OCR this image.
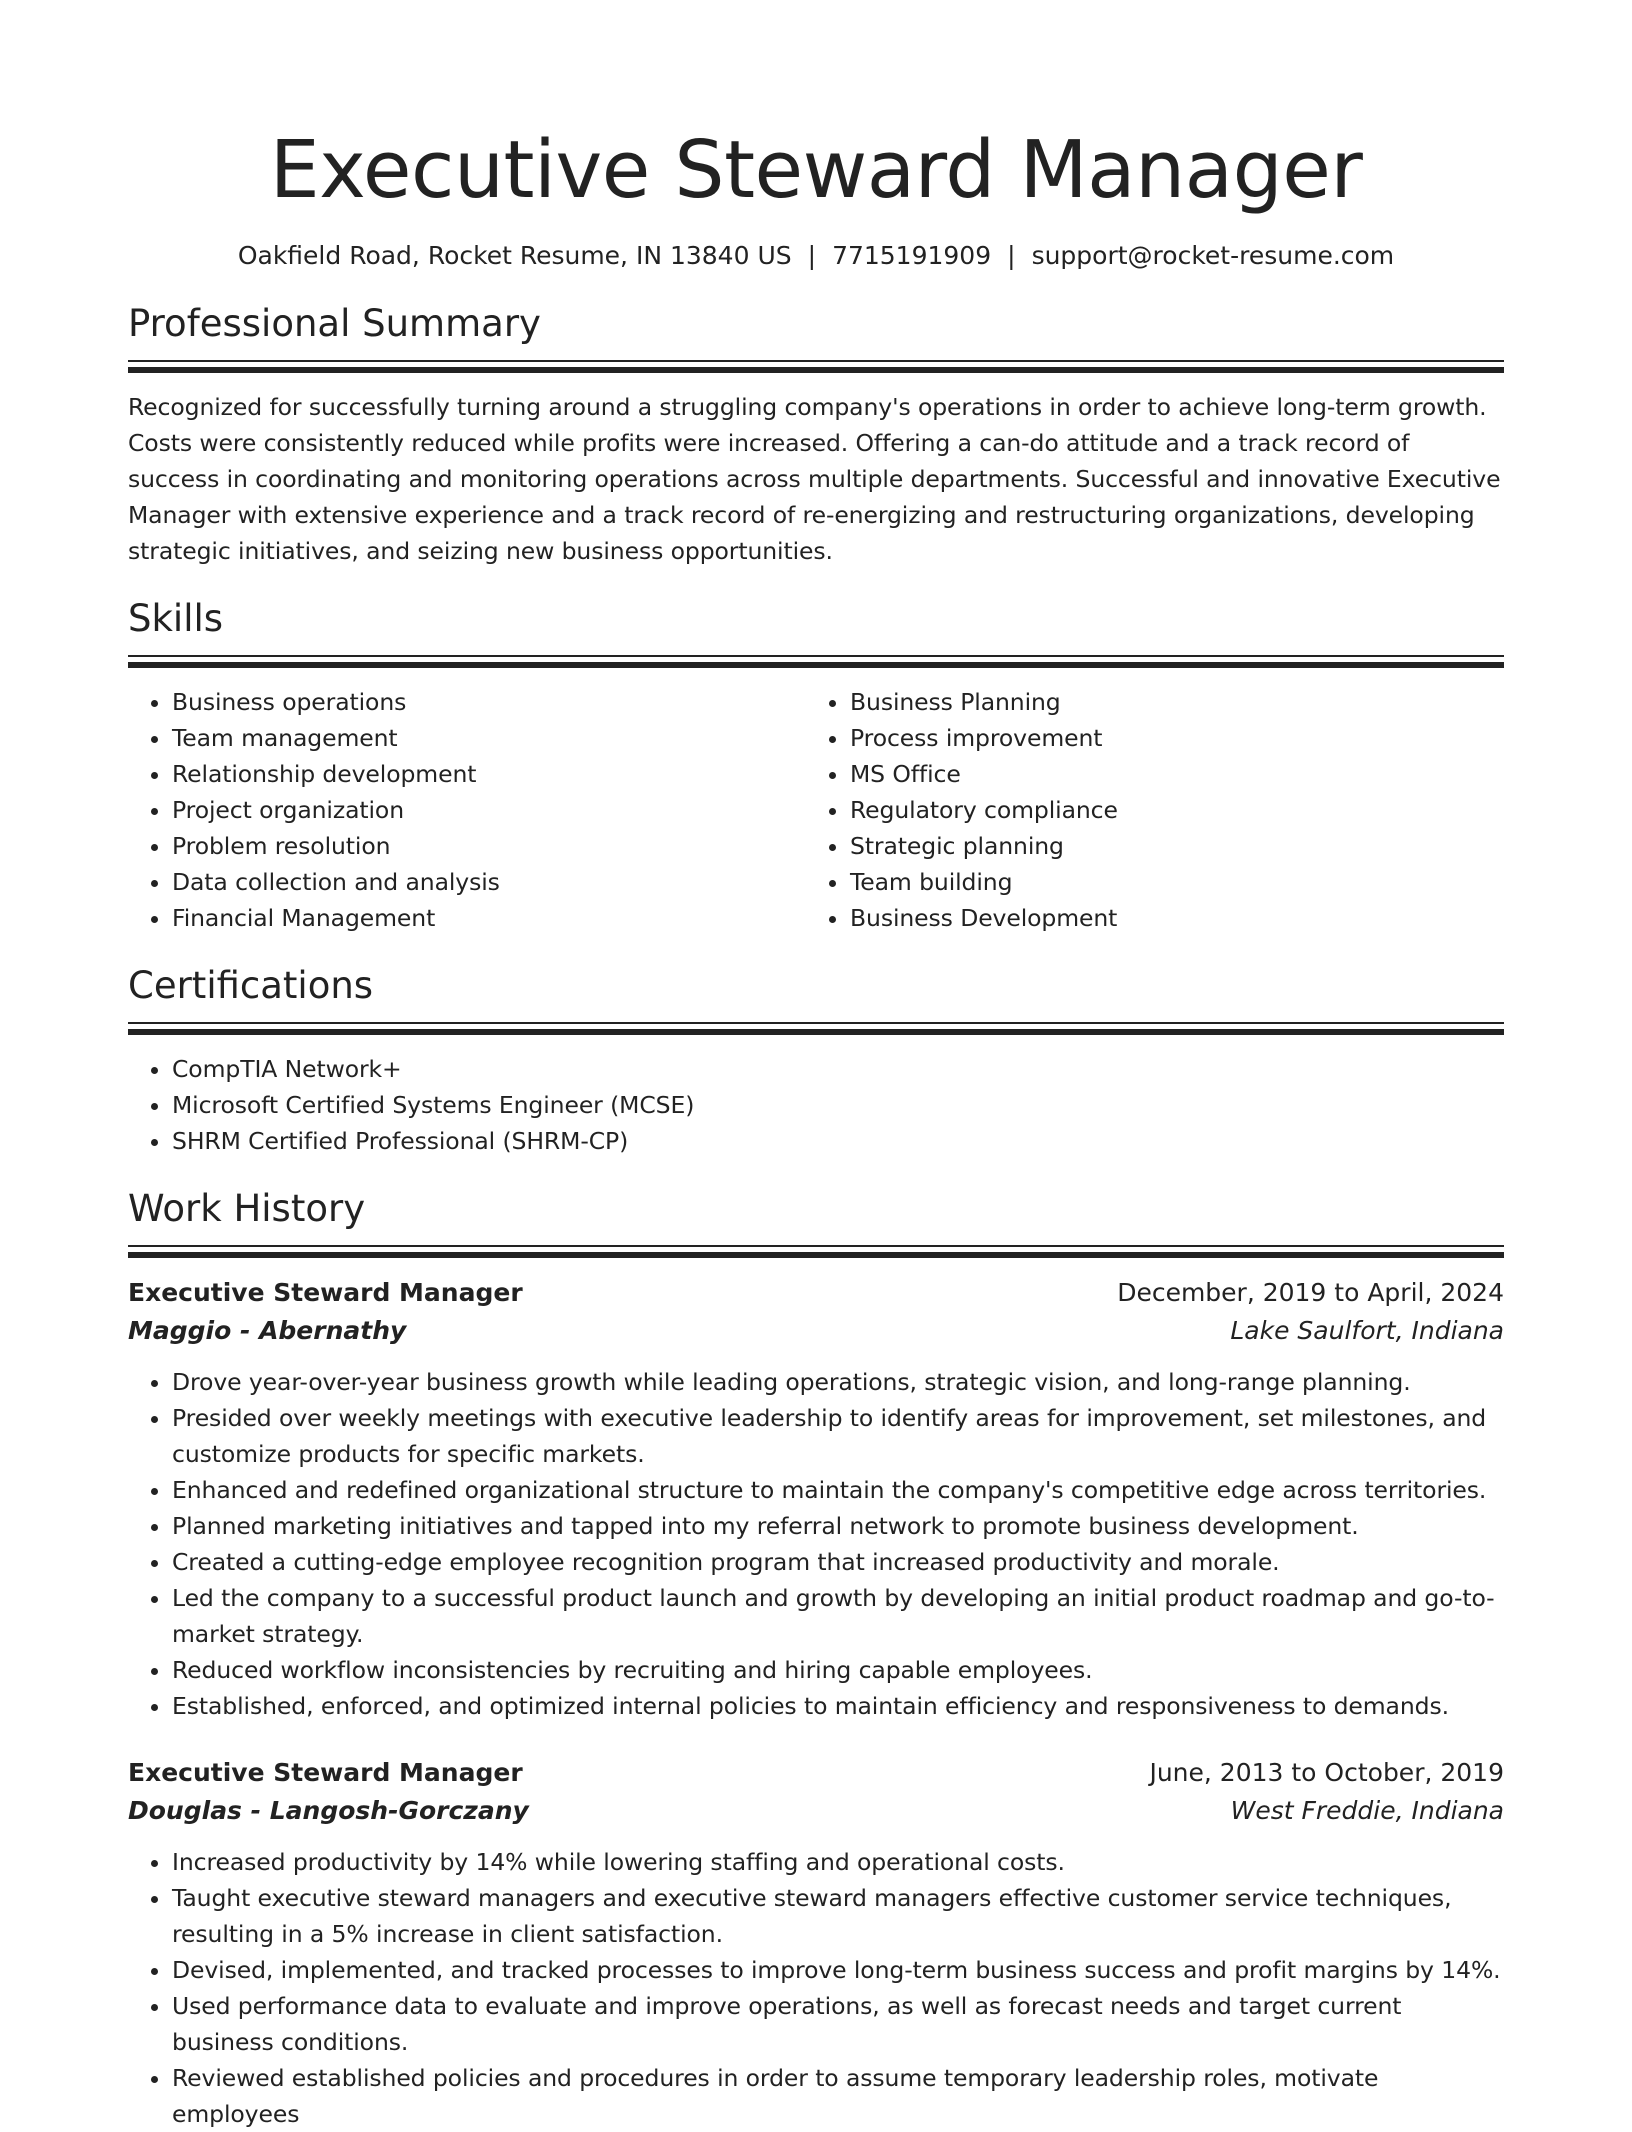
Executive Steward Manager
Oakfield Road, Rocket Resume, IN 13840 US | 7715191909 | support@rocket-resume.com
Professional Summary
Recognized for successfully turning around a struggling company's operations in order to achieve long-term growth. Costs were consistently reduced while profits were increased. Offering a can-do attitude and a track record of success in coordinating and monitoring operations across multiple departments. Successful and innovative Executive Manager with extensive experience and a track record of re-energizing and restructuring organizations, developing strategic initiatives, and seizing new business opportunities.
Skills
• Business operations
• Team management
• Relationship development
• Project organization
• Problem resolution
• Data collection and analysis
• Financial Management
• Business Planning
• Process improvement
• MS Office
• Regulatory compliance
• Strategic planning
• Team building
• Business Development
Certifications
• CompTIA Network+
• Microsoft Certified Systems Engineer (MCSE)
• SHRM Certified Professional (SHRM-CP)
Work History
Executive Steward Manager	December, 2019 to April, 2024
Maggio - Abernathy	Lake Saulfort, Indiana
• Drove year-over-year business growth while leading operations, strategic vision, and long-range planning.
• Presided over weekly meetings with executive leadership to identify areas for improvement, set milestones, and customize products for specific markets.
• Enhanced and redefined organizational structure to maintain the company's competitive edge across territories.
• Planned marketing initiatives and tapped into my referral network to promote business development.
• Created a cutting-edge employee recognition program that increased productivity and morale.
• Led the company to a successful product launch and growth by developing an initial product roadmap and go-to-market strategy.
• Reduced workflow inconsistencies by recruiting and hiring capable employees.
• Established, enforced, and optimized internal policies to maintain efficiency and responsiveness to demands.
Executive Steward Manager	June, 2013 to October, 2019
Douglas - Langosh-Gorczany	West Freddie, Indiana
• Increased productivity by 14% while lowering staffing and operational costs.
• Taught executive steward managers and executive steward managers effective customer service techniques, resulting in a 5% increase in client satisfaction.
• Devised, implemented, and tracked processes to improve long-term business success and profit margins by 14%.
• Used performance data to evaluate and improve operations, as well as forecast needs and target current business conditions.
• Reviewed established policies and procedures in order to assume temporary leadership roles, motivate employees
